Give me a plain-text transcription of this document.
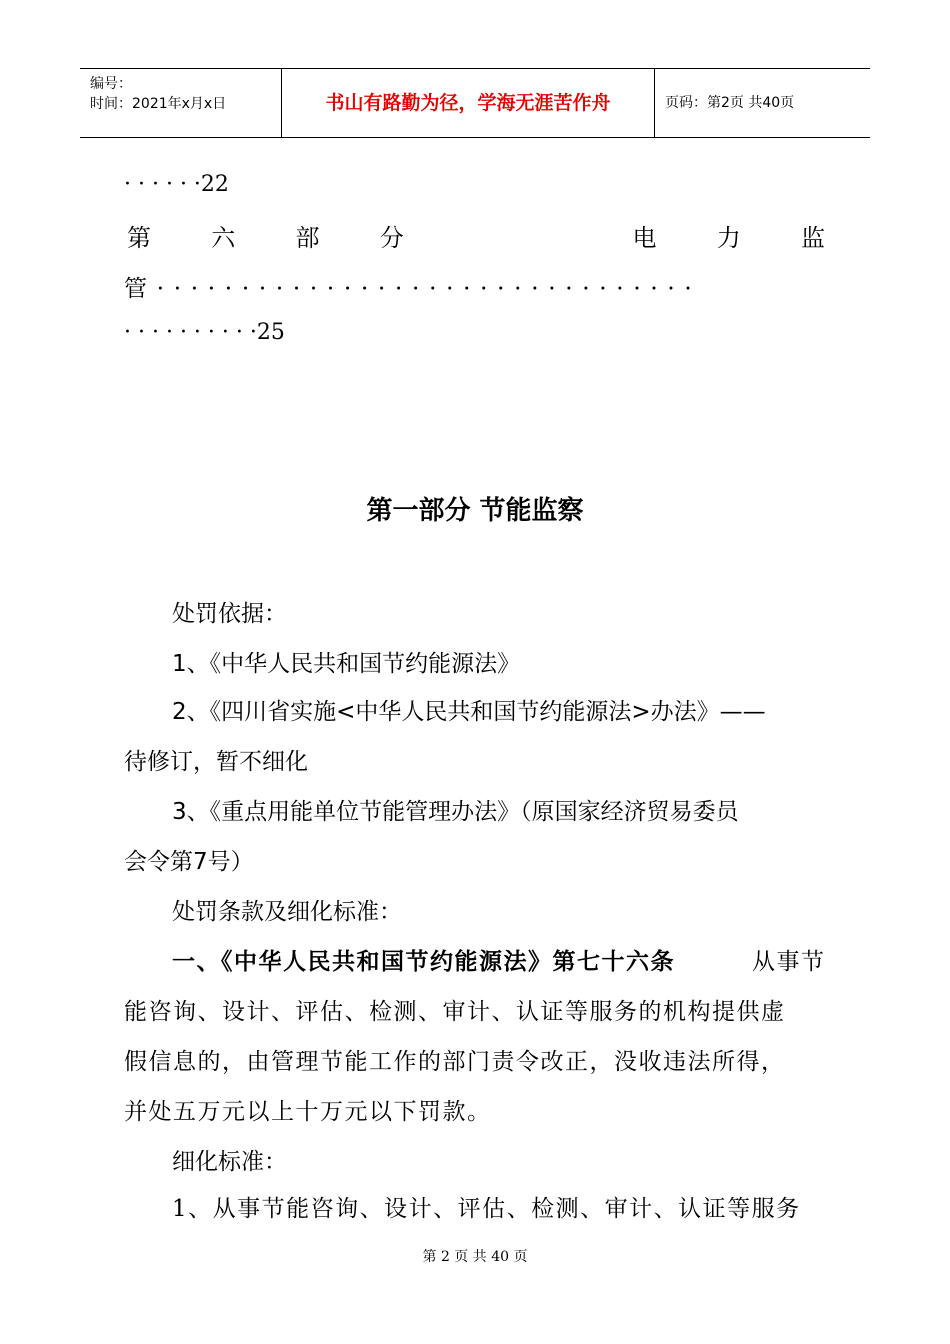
编号：
时间：2021年x月x日	书山有路勤为径，学海无涯苦作舟	页码：第2页 共40页
· · · · · ·22
第	六	部	分	电	力	监
管 · · · · · · · · · · · · · · · · · · · · · · · · · · · · · · · ·
· · · · · · · · · ·25
第一部分 节能监察
处罚依据：
1、《中华人民共和国节约能源法》
2、《四川省实施<中华人民共和国节约能源法>办法》——
待修订，暂不细化
3、《重点用能单位节能管理办法》（原国家经济贸易委员
会令第7号）
处罚条款及细化标准：
一、《中华人民共和国节约能源法》第七十六条	从事节
能咨询、设计、评估、检测、审计、认证等服务的机构提供虚
假信息的，由管理节能工作的部门责令改正，没收违法所得，
并处五万元以上十万元以下罚款。
细化标准：
1、从事节能咨询、设计、评估、检测、审计、认证等服务
第 2 页 共 40 页
